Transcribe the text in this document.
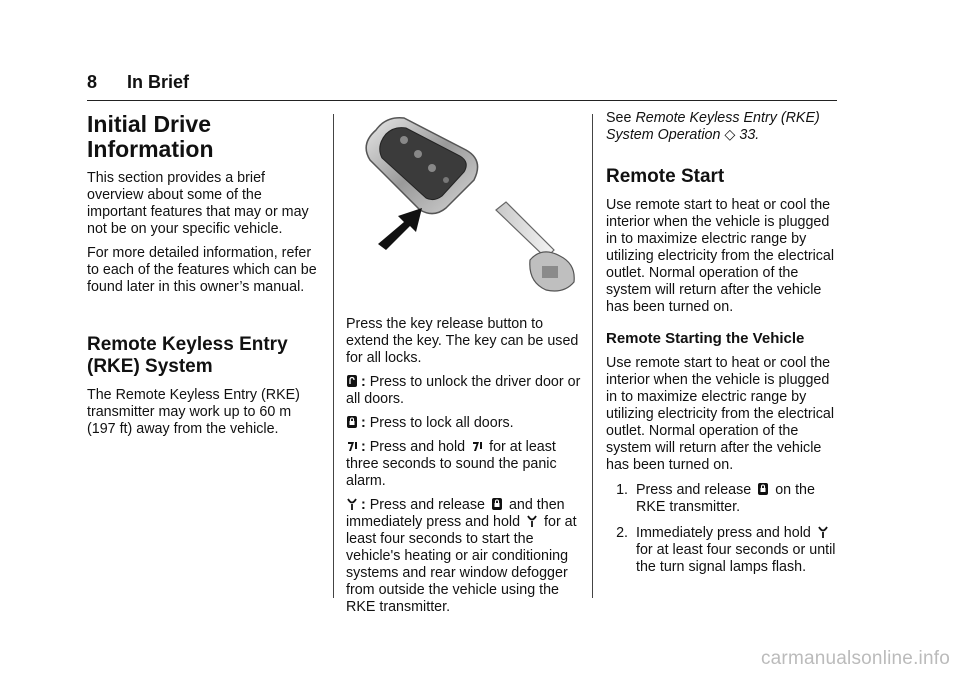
8 In Brief
Initial Drive Information

This section provides a brief overview about some of the important features that may or may not be on your specific vehicle.

For more detailed information, refer to each of the features which can be found later in this owner’s manual.

Remote Keyless Entry (RKE) System

The Remote Keyless Entry (RKE) transmitter may work up to 60 m (197 ft) away from the vehicle.

Press the key release button to extend the key. The key can be used for all locks.

: Press to unlock the driver door or all doors.

: Press to lock all doors.

: Press and hold for at least three seconds to sound the panic alarm.

: Press and release and then immediately press and hold for at least four seconds to start the vehicle's heating or air conditioning systems and rear window defogger from outside the vehicle using the RKE transmitter.

See Remote Keyless Entry (RKE) System Operation ◇ 33.

Remote Start

Use remote start to heat or cool the interior when the vehicle is plugged in to maximize electric range by utilizing electricity from the electrical outlet. Normal operation of the system will return after the vehicle has been turned on.

Remote Starting the Vehicle

Use remote start to heat or cool the interior when the vehicle is plugged in to maximize electric range by utilizing electricity from the electrical outlet. Normal operation of the system will return after the vehicle has been turned on.

1. Press and release on the RKE transmitter.
2. Immediately press and hold
for at least four seconds or until the turn signal lamps flash.
carmanualsonline.info
